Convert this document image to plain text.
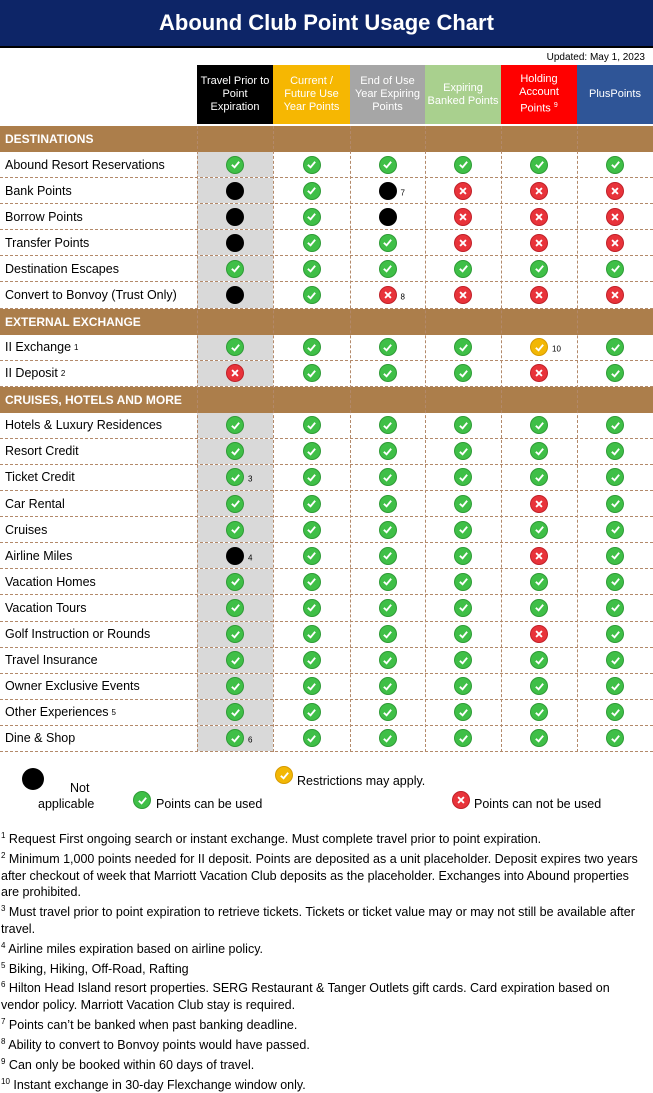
Abound Club Point Usage Chart
Updated: May 1, 2023
Travel Prior to Point Expiration
Current / Future Use Year Points
End of Use Year Expiring Points
Expiring Banked Points
Holding Account Points $^9$
PlusPoints
DESTINATIONS
Abound Resort Reservations
7
Bank Points
Borrow Points
Transfer Points
Destination Escapes
8
Convert to Bonvoy (Trust Only)
EXTERNAL EXCHANGE
10
II Exchange 1
II Deposit 2
CRUISES, HOTELS AND MORE
Hotels & Luxury Residences
Resort Credit
3
Ticket Credit
Car Rental
Cruises
4
Airline Miles
Vacation Homes
Vacation Tours
Golf Instruction or Rounds
Travel Insurance
Owner Exclusive Events
Other Experiences 5
6
Dine & Shop
Not
applicable	Points can be used
Restrictions may apply.
Points can not be used

$^1$ Request First ongoing search or instant exchange. Must complete travel prior to point expiration.

$^2$ Minimum 1,000 points needed for II deposit. Points are deposited as a unit placeholder. Deposit expires two years after checkout of week that Marriott Vacation Club deposits as the placeholder. Exchanges into Abound properties are prohibited.

$^3$ Must travel prior to point expiration to retrieve tickets. Tickets or ticket value may or may not still be available after travel.

$^4$ Airline miles expiration based on airline policy.

$^5$ Biking, Hiking, Off-Road, Rafting

$^6$ Hilton Head Island resort properties. SERG Restaurant & Tanger Outlets gift cards. Card expiration based on vendor policy. Marriott Vacation Club stay is required.

$^7$ Points can’t be banked when past banking deadline.

$^8$ Ability to convert to Bonvoy points would have passed.

$^9$ Can only be booked within 60 days of travel.

$^{10}$ Instant exchange in 30-day Flexchange window only.
